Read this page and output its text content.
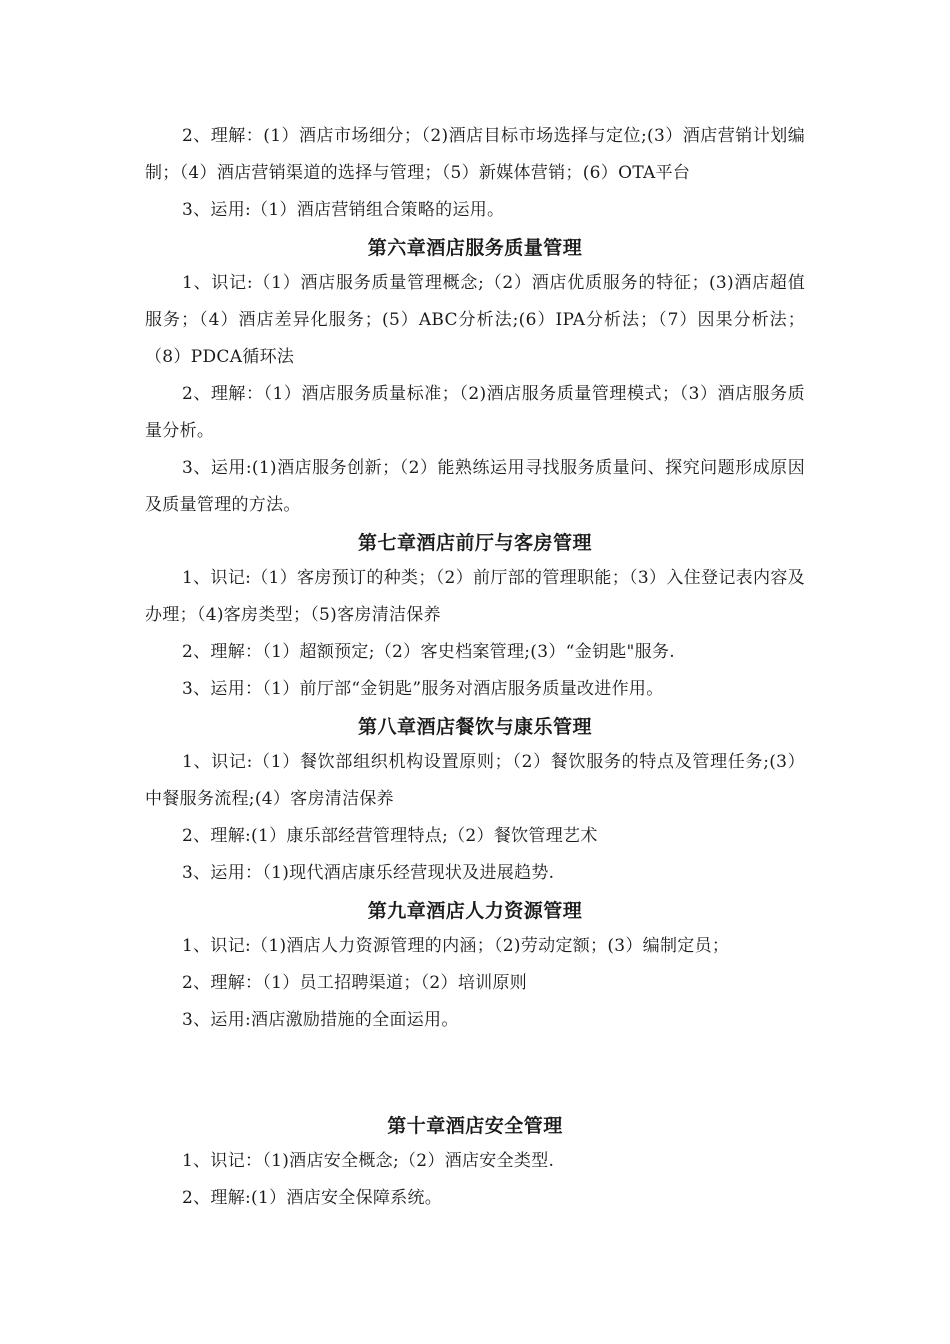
2、理解：(1）酒店市场细分；（2)酒店目标市场选择与定位;(3）酒店营销计划编制；（4）酒店营销渠道的选择与管理；（5）新媒体营销；(6）OTA平台

3、运用:（1）酒店营销组合策略的运用。

第六章酒店服务质量管理

1、识记:（1）酒店服务质量管理概念;（2）酒店优质服务的特征；(3)酒店超值服务；（4）酒店差异化服务；(5）ABC分析法;(6）IPA分析法；（7）因果分析法；（8）PDCA循环法

2、理解：（1）酒店服务质量标准；（2)酒店服务质量管理模式；（3）酒店服务质量分析。

3、运用:(1)酒店服务创新；（2）能熟练运用寻找服务质量问、探究问题形成原因及质量管理的方法。

第七章酒店前厅与客房管理

1、识记:（1）客房预订的种类；（2）前厅部的管理职能；（3）入住登记表内容及办理；（4)客房类型；（5)客房清洁保养

2、理解：（1）超额预定;（2）客史档案管理;(3）“金钥匙"服务.

3、运用：（1）前厅部“金钥匙”服务对酒店服务质量改进作用。

第八章酒店餐饮与康乐管理

1、识记:（1）餐饮部组织机构设置原则；（2）餐饮服务的特点及管理任务;(3）中餐服务流程;(4）客房清洁保养

2、理解:(1）康乐部经营管理特点;（2）餐饮管理艺术

3、运用：（1)现代酒店康乐经营现状及进展趋势.

第九章酒店人力资源管理

1、识记:（1)酒店人力资源管理的内涵；（2)劳动定额；(3）编制定员；

2、理解：（1）员工招聘渠道；（2）培训原则

3、运用:酒店激励措施的全面运用。

第十章酒店安全管理

1、识记：（1)酒店安全概念;（2）酒店安全类型.

2、理解:(1）酒店安全保障系统。
